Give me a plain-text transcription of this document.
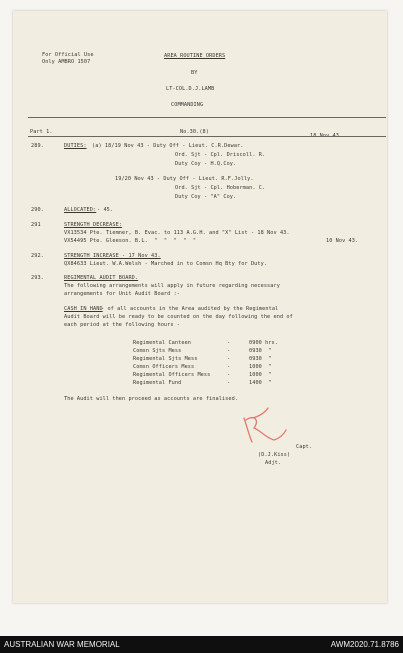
For Official Use
Only AMBRO 1507
AREA ROUTINE ORDERS
BY
LT-COL.D.J.LAMB
COMMANDING
Part 1.	No.30.(8)
18 Nov 43.
289.	DUTIES: (a) 18/19 Nov 43 - Duty Off - Lieut. C.R.Dewar.
Ord. Sjt - Cpl. Driscoll. R.
Duty Coy - H.Q.Coy.
19/20 Nov 43 - Duty Off - Lieut. R.F.Jolly.
Ord. Sjt - Cpl. Hoberman. C.
Duty Coy - "A" Coy.
290.	ALLOCATED: - 45.
291	STRENGTH DECREASE:
VX13534 Pte. Tiemner, B. Evac. to 113 A.G.H. and "X" List - 18 Nov 43.
VX54495 Pte. Gleeson. B.L.  "  "  "  "  "	10 Nov 43.
292.	STRENGTH INCREASE - 17 Nov 43.
QX84633 Lieut. W.A.Welsh - Marched in to Comsn Hq Bty for Duty.
293.	REGIMENTAL AUDIT BOARD.
The following arrangements will apply in future regarding necessary
arrangements for Unit Audit Board :-
CASH IN HAND
- of all accounts in the Area audited by the Regimental
Audit Board will be ready to be counted on the day following the end of
each period at the following hours -
Regimental Canteen	-	0900 hrs.
Comsn Sjts Mess	-	0930  "
Regimental Sjts Mess	-	0930  "
Comsn Officers Mess	-	1000  "
Regimental Officers Mess	-	1000  "
Regimental Fund	-	1400  "
The Audit will then proceed as accounts are finalised.
Capt.
(D.J.Kiss)
Adjt.
AUSTRALIAN WAR MEMORIAL	AWM2020.71.8786
